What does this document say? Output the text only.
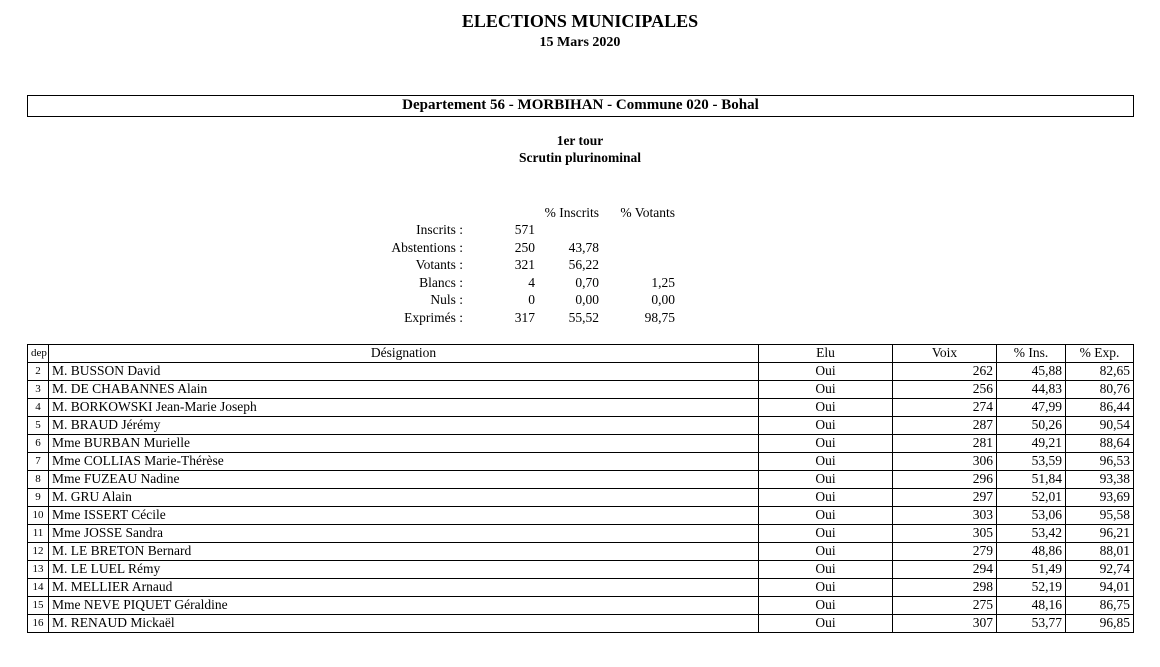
ELECTIONS MUNICIPALES
15 Mars 2020
Departement 56 - MORBIHAN - Commune 020 - Bohal
1er tour
Scrutin plurinominal
		% Inscrits	% Votants
Inscrits :	571		
Abstentions :	250	43,78	
Votants :	321	56,22	
Blancs :	4	0,70	1,25
Nuls :	0	0,00	0,00
Exprimés :	317	55,52	98,75
dep	Désignation	Elu	Voix	% Ins.	% Exp.
2	M. BUSSON David	Oui	262	45,88	82,65
3	M. DE CHABANNES Alain	Oui	256	44,83	80,76
4	M. BORKOWSKI Jean-Marie Joseph	Oui	274	47,99	86,44
5	M. BRAUD Jérémy	Oui	287	50,26	90,54
6	Mme BURBAN Murielle	Oui	281	49,21	88,64
7	Mme COLLIAS Marie-Thérèse	Oui	306	53,59	96,53
8	Mme FUZEAU Nadine	Oui	296	51,84	93,38
9	M. GRU Alain	Oui	297	52,01	93,69
10	Mme ISSERT Cécile	Oui	303	53,06	95,58
11	Mme JOSSE Sandra	Oui	305	53,42	96,21
12	M. LE BRETON Bernard	Oui	279	48,86	88,01
13	M. LE LUEL Rémy	Oui	294	51,49	92,74
14	M. MELLIER Arnaud	Oui	298	52,19	94,01
15	Mme NEVE PIQUET Géraldine	Oui	275	48,16	86,75
16	M. RENAUD Mickaël	Oui	307	53,77	96,85
